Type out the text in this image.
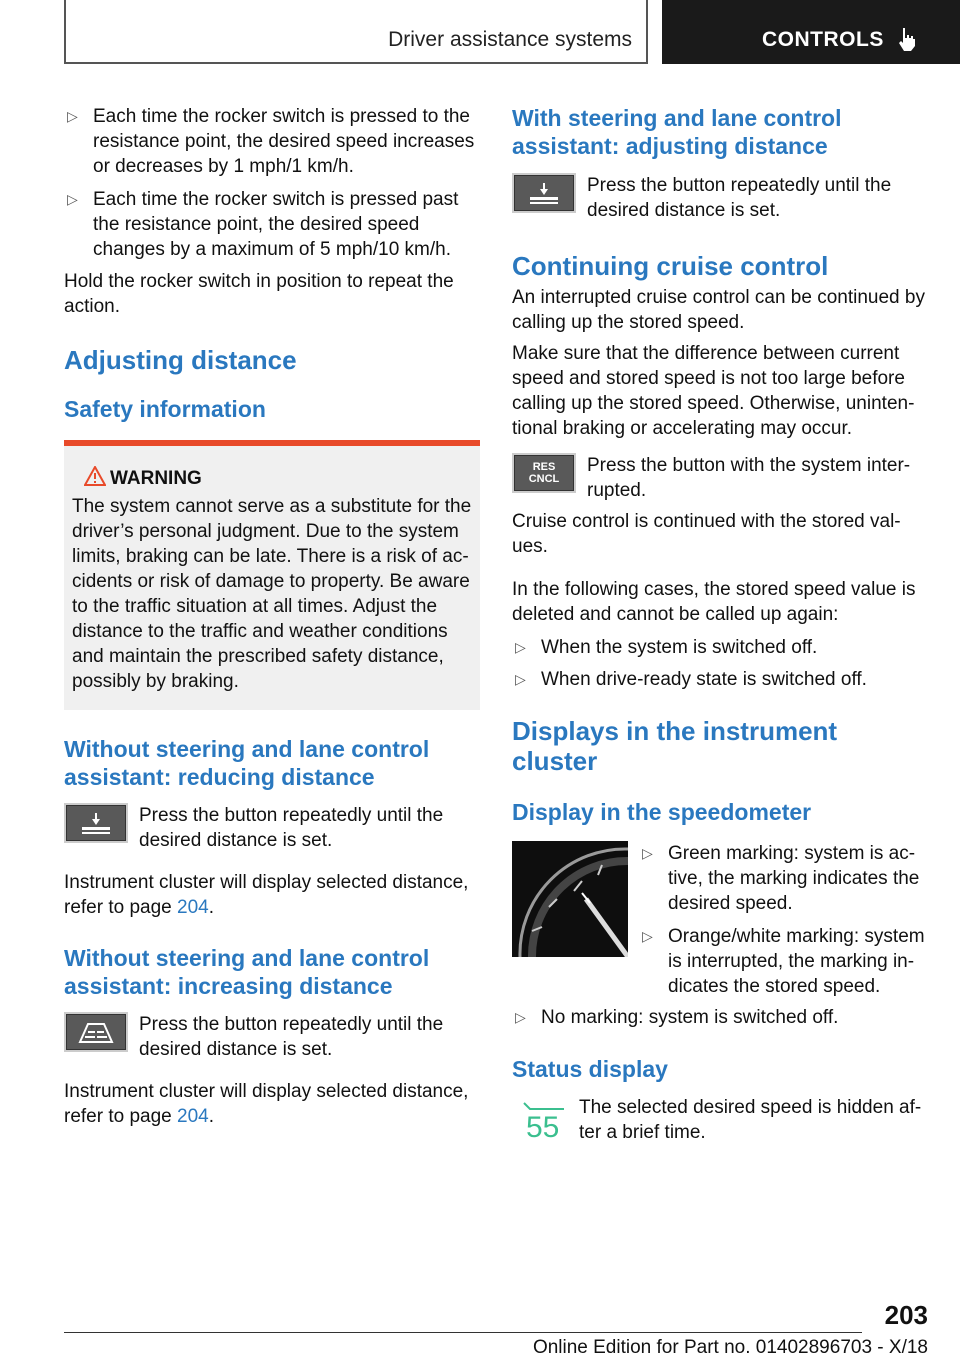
Driver assistance systems	CONTROLS
▷ Each time the rocker switch is pressed to the resistance point, the desired speed increases or decreases by 1 mph/1 km/h.
▷ Each time the rocker switch is pressed past the resistance point, the desired speed changes by a maximum of 5 mph/10 km/h.

Hold the rocker switch in position to repeat the action.

Adjusting distance
Safety information
WARNING

The system cannot serve as a substitute for the driver’s personal judgment. Due to the system limits, braking can be late. There is a risk of ac‐cidents or risk of damage to property. Be aware to the traffic situation at all times. Adjust the distance to the traffic and weather conditions and maintain the prescribed safety distance, possibly by braking.

Without steering and lane control assistant: reducing distance

Press the button repeatedly until the desired distance is set.

Instrument cluster will display selected distance, refer to page 204.

Without steering and lane control assistant: increasing distance

Press the button repeatedly until the desired distance is set.

Instrument cluster will display selected distance, refer to page 204.

With steering and lane control assistant: adjusting distance

Press the button repeatedly until the desired distance is set.

Continuing cruise control

An interrupted cruise control can be continued by calling up the stored speed.

Make sure that the difference between current speed and stored speed is not too large before calling up the stored speed. Otherwise, uninten‐tional braking or accelerating may occur.

RES
CNCL

Press the button with the system inter‐rupted.

Cruise control is continued with the stored val‐ues.

In the following cases, the stored speed value is deleted and cannot be called up again:

▷ When the system is switched off.
▷ When drive-ready state is switched off.
Displays in the instrument cluster
Display in the speedometer
▷ Green marking: system is ac‐tive, the marking indicates the desired speed.
▷ Orange/white marking: system is interrupted, the marking in‐dicates the stored speed.
▷ No marking: system is switched off.
Status display
55

The selected desired speed is hidden af‐ter a brief time.

203
Online Edition for Part no. 01402896703 - X/18
